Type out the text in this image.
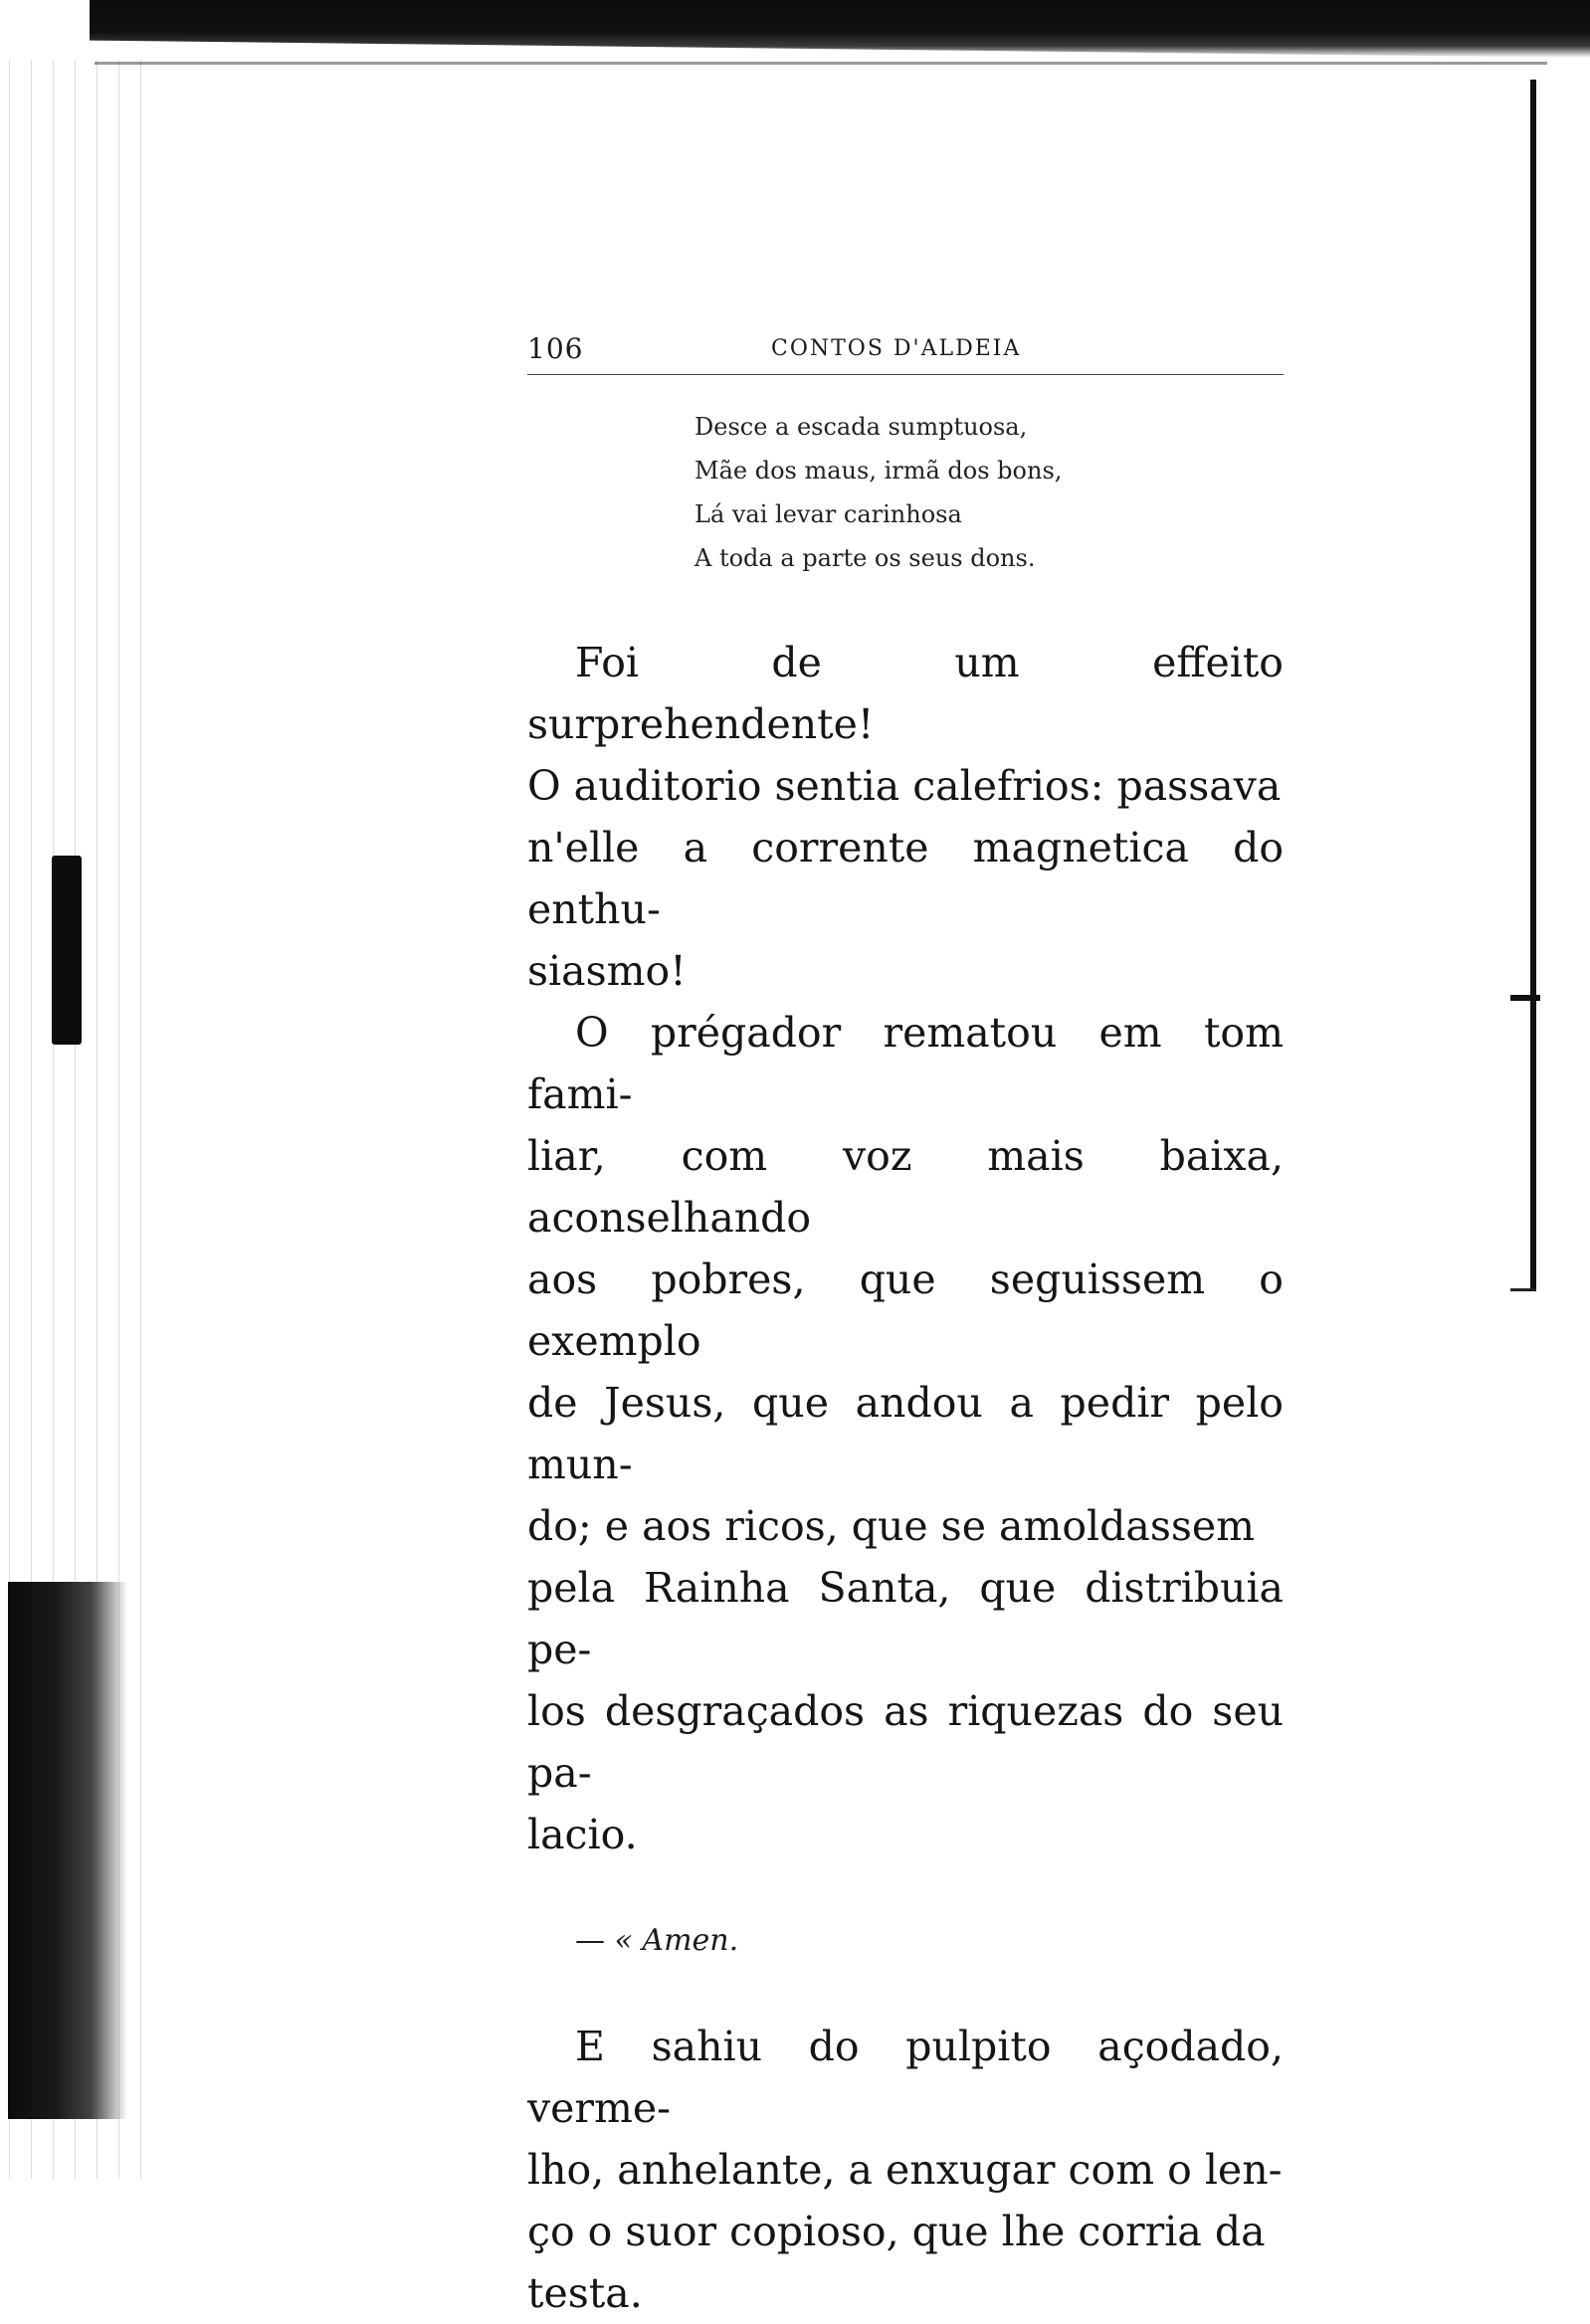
106	CONTOS D'ALDEIA
Desce a escada sumptuosa,
Mãe dos maus, irmã dos bons,
Lá vai levar carinhosa
A toda a parte os seus dons.

Foi de um effeito surprehendente!
O auditorio sentia calefrios: passava
n'elle a corrente magnetica do enthu-
siasmo!

O prégador rematou em tom fami-
liar, com voz mais baixa, aconselhando
aos pobres, que seguissem o exemplo
de Jesus, que andou a pedir pelo mun-
do; e aos ricos, que se amoldassem
pela Rainha Santa, que distribuia pe-
los desgraçados as riquezas do seu pa-
lacio.

— « Amen.

E sahiu do pulpito açodado, verme-
lho, anhelante, a enxugar com o len-
ço o suor copioso, que lhe corria da
testa.
